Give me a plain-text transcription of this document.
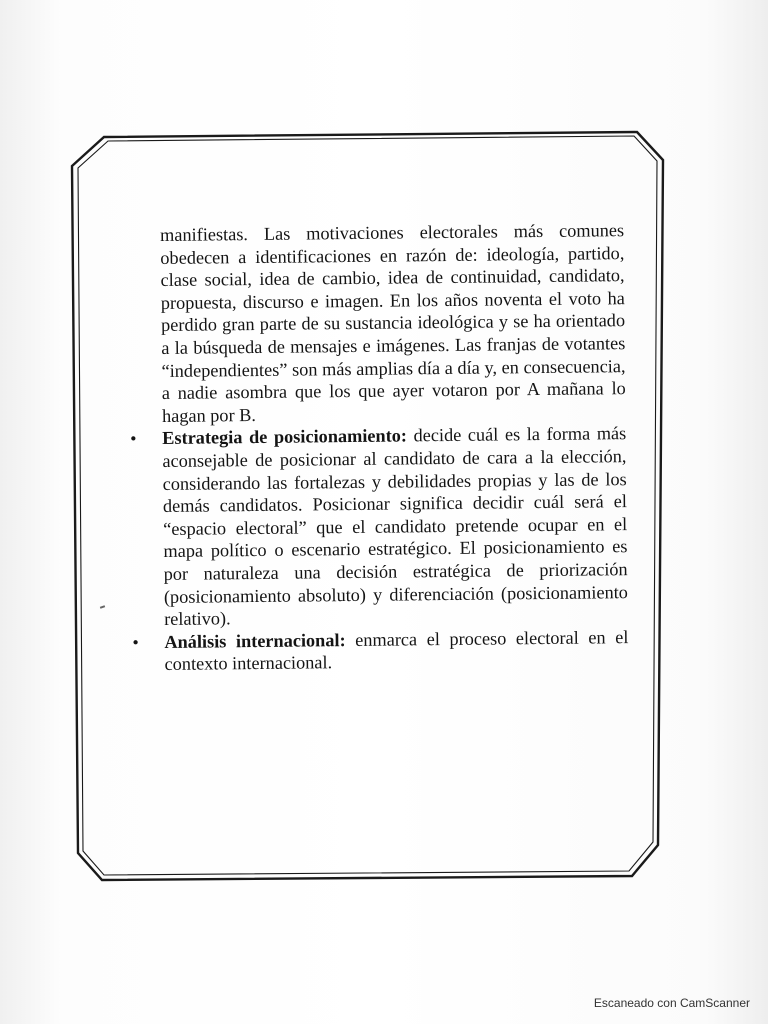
manifiestas. Las motivaciones electorales más comunes obedecen a identificaciones en razón de: ideología, partido, clase social, idea de cambio, idea de continuidad, candidato, propuesta, discurso e imagen. En los años noventa el voto ha perdido gran parte de su sustancia ideológica y se ha orientado a la búsqueda de mensajes e imágenes. Las franjas de votantes “independientes” son más amplias día a día y, en consecuencia, a nadie asombra que los que ayer votaron por A mañana lo hagan por B.

• Estrategia de posicionamiento: decide cuál es la forma más aconsejable de posicionar al candidato de cara a la elección, considerando las fortalezas y debilidades propias y las de los demás candidatos. Posicionar significa decidir cuál será el “espacio electoral” que el candidato pretende ocupar en el mapa político o escenario estratégico. El posicionamiento es por naturaleza una decisión estratégica de priorización (posicionamiento absoluto) y diferenciación (posicionamiento relativo).

• Análisis internacional: enmarca el proceso electoral en el contexto internacional.

Escaneado con CamScanner
